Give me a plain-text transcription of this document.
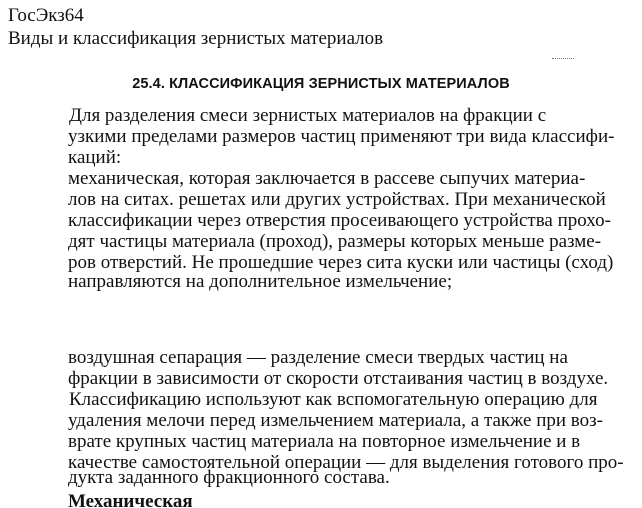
ГосЭкз64
Виды и классификация зернистых материалов
25.4. КЛАССИФИКАЦИЯ ЗЕРНИСТЫХ МАТЕРИАЛОВ
Для разделения смеси зернистых материалов на фракции с
узкими пределами размеров частиц применяют три вида классифи-
каций:
механическая, которая заключается в рассеве сыпучих материа-
лов на ситах. решетах или других устройствах. При механической
классификации через отверстия просеивающего устройства прохо-
дят частицы материала (проход), размеры которых меньше разме-
ров отверстий. Не прошедшие через сита куски или частицы (сход)
направляются на дополнительное измельчение;
воздушная сепарация — разделение смеси твердых частиц на
фракции в зависимости от скорости отстаивания частиц в воздухе.
Классификацию используют как вспомогательную операцию для
удаления мелочи перед измельчением материала, а также при воз-
врате крупных частиц материала на повторное измельчение и в
качестве самостоятельной операции — для выделения готового про-
дукта заданного фракционного состава.
Механическая
